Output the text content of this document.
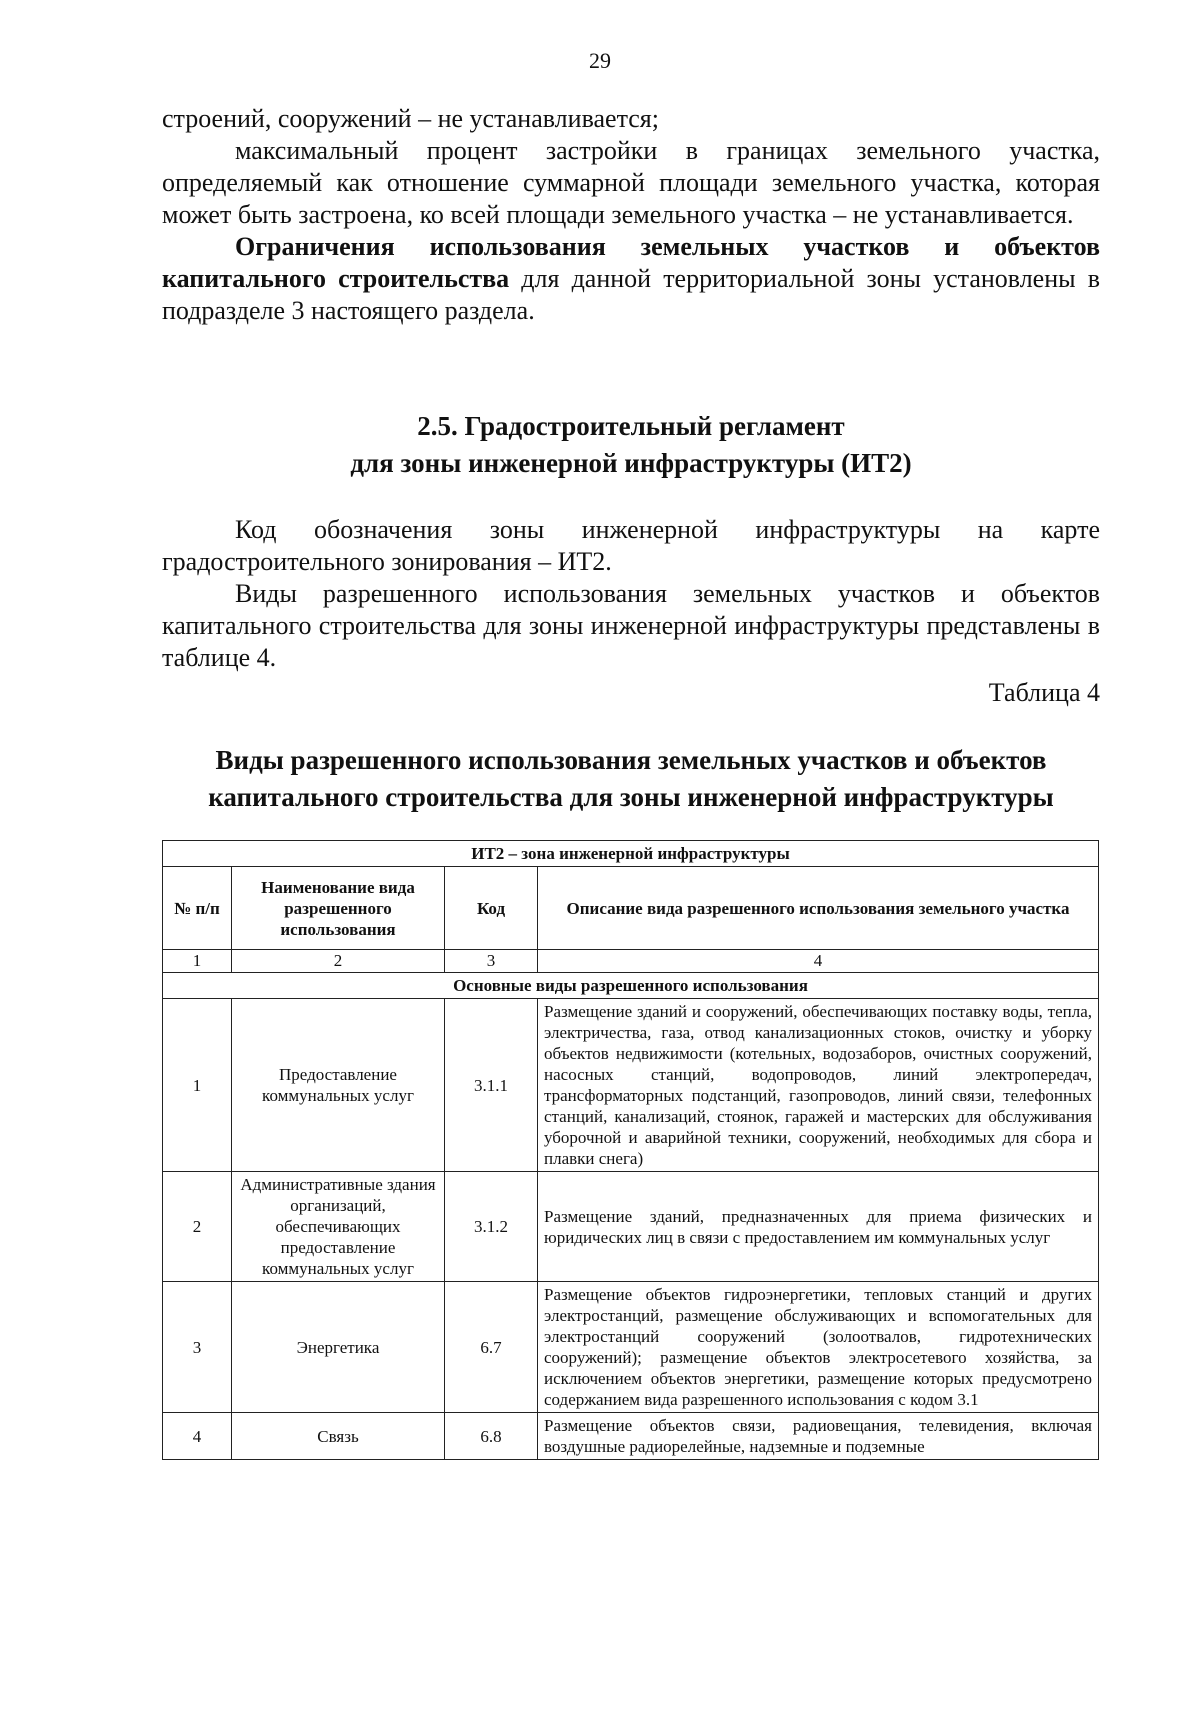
29

строений, сооружений – не устанавливается;

максимальный процент застройки в границах земельного участка, определяемый как отношение суммарной площади земельного участка, которая может быть застроена, ко всей площади земельного участка – не устанавливается.

Ограничения использования земельных участков и объектов капитального строительства для данной территориальной зоны установлены в подразделе 3 настоящего раздела.

2.5. Градостроительный регламент
для зоны инженерной инфраструктуры (ИТ2)

Код обозначения зоны инженерной инфраструктуры на карте градостроительного зонирования – ИТ2.

Виды разрешенного использования земельных участков и объектов капитального строительства для зоны инженерной инфраструктуры представлены в таблице 4.

Таблица 4
Виды разрешенного использования земельных участков и объектов
капитального строительства для зоны инженерной инфраструктуры
ИТ2 – зона инженерной инфраструктуры			
№ п/п	Наименование вида разрешенного использования	Код	Описание вида разрешенного использования земельного участка
1	2	3	4
Основные виды разрешенного использования			
1	Предоставление коммунальных услуг	3.1.1	Размещение зданий и сооружений, обеспечивающих поставку воды, тепла, электричества, газа, отвод канализационных стоков, очистку и уборку объектов недвижимости (котельных, водозаборов, очистных сооружений, насосных станций, водопроводов, линий электропередач, трансформаторных подстанций, газопроводов, линий связи, телефонных станций, канализаций, стоянок, гаражей и мастерских для обслуживания уборочной и аварийной техники, сооружений, необходимых для сбора и плавки снега)
2	Административные здания организаций, обеспечивающих предоставление коммунальных услуг	3.1.2	Размещение зданий, предназначенных для приема физических и юридических лиц в связи с предоставлением им коммунальных услуг
3	Энергетика	6.7	Размещение объектов гидроэнергетики, тепловых станций и других электростанций, размещение обслуживающих и вспомогательных для электростанций сооружений (золоотвалов, гидротехнических сооружений); размещение объектов электросетевого хозяйства, за исключением объектов энергетики, размещение которых предусмотрено содержанием вида разрешенного использования с кодом 3.1
4	Связь	6.8	Размещение объектов связи, радиовещания, телевидения, включая воздушные радиорелейные, надземные и подземные
